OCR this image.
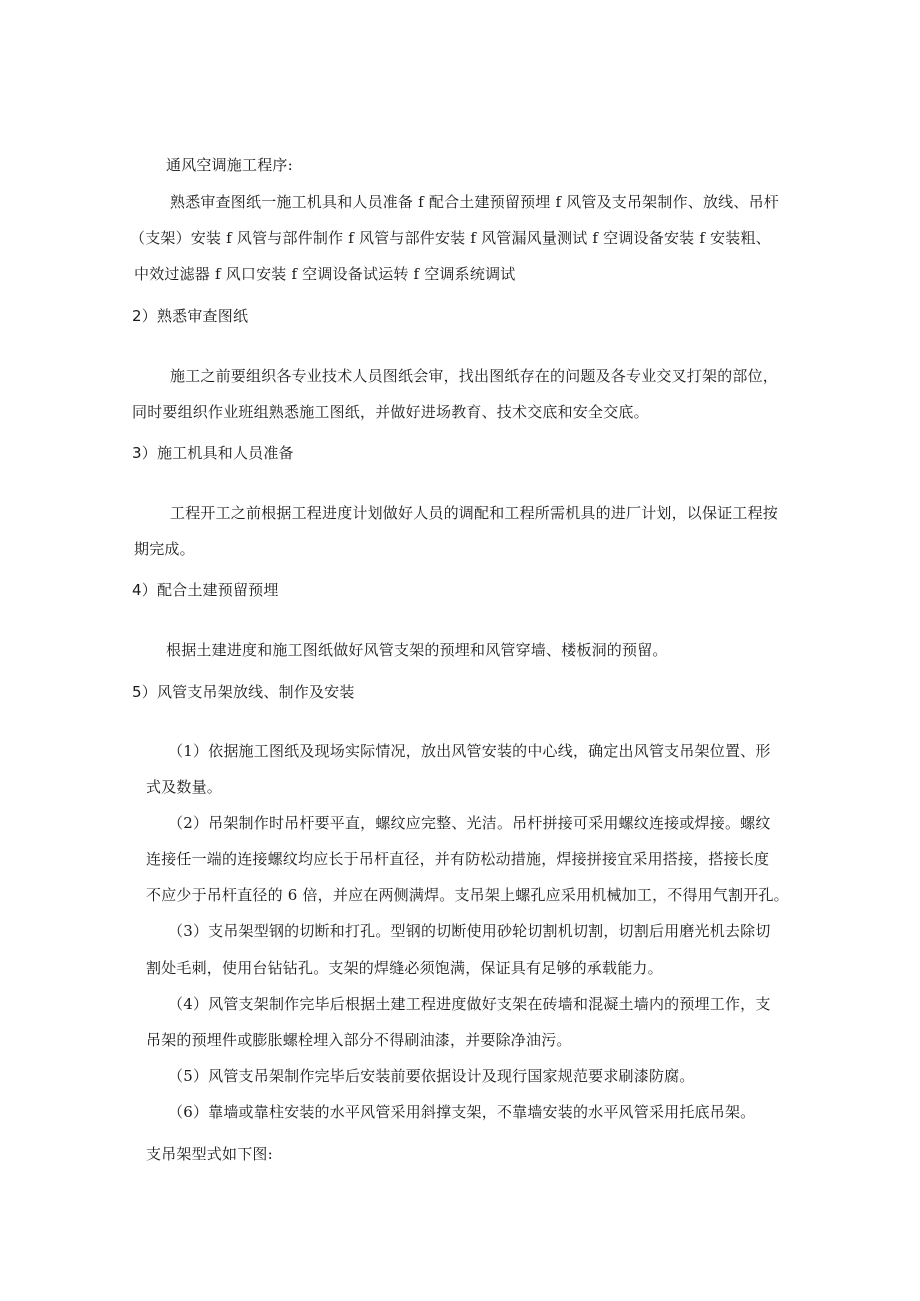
通风空调施工程序:
熟悉审查图纸一施工机具和人员准备 f 配合土建预留预埋 f 风管及支吊架制作、放线、吊杆
（支架）安装 f 风管与部件制作 f 风管与部件安装 f 风管漏风量测试 f 空调设备安装 f 安装粗、
中效过滤器 f 风口安装 f 空调设备试运转 f 空调系统调试
2）熟悉审查图纸
施工之前要组织各专业技术人员图纸会审，找出图纸存在的问题及各专业交叉打架的部位，
同时要组织作业班组熟悉施工图纸，并做好进场教育、技术交底和安全交底。
3）施工机具和人员准备
工程开工之前根据工程进度计划做好人员的调配和工程所需机具的进厂计划，以保证工程按
期完成。
4）配合土建预留预埋
根据土建进度和施工图纸做好风管支架的预埋和风管穿墙、楼板洞的预留。
5）风管支吊架放线、制作及安装
（1）依据施工图纸及现场实际情况，放出风管安装的中心线，确定出风管支吊架位置、形
式及数量。
（2）吊架制作时吊杆要平直，螺纹应完整、光洁。吊杆拼接可采用螺纹连接或焊接。螺纹
连接任一端的连接螺纹均应长于吊杆直径，并有防松动措施，焊接拼接宜采用搭接，搭接长度
不应少于吊杆直径的 6 倍，并应在两侧满焊。支吊架上螺孔应采用机械加工，不得用气割开孔。
（3）支吊架型钢的切断和打孔。型钢的切断使用砂轮切割机切割，切割后用磨光机去除切
割处毛刺，使用台钻钻孔。支架的焊缝必须饱满，保证具有足够的承载能力。
（4）风管支架制作完毕后根据土建工程进度做好支架在砖墙和混凝土墙内的预埋工作，支
吊架的预埋件或膨胀螺栓埋入部分不得刷油漆，并要除净油污。
（5）风管支吊架制作完毕后安装前要依据设计及现行国家规范要求刷漆防腐。
（6）靠墙或靠柱安装的水平风管采用斜撑支架，不靠墙安装的水平风管采用托底吊架。
支吊架型式如下图:
